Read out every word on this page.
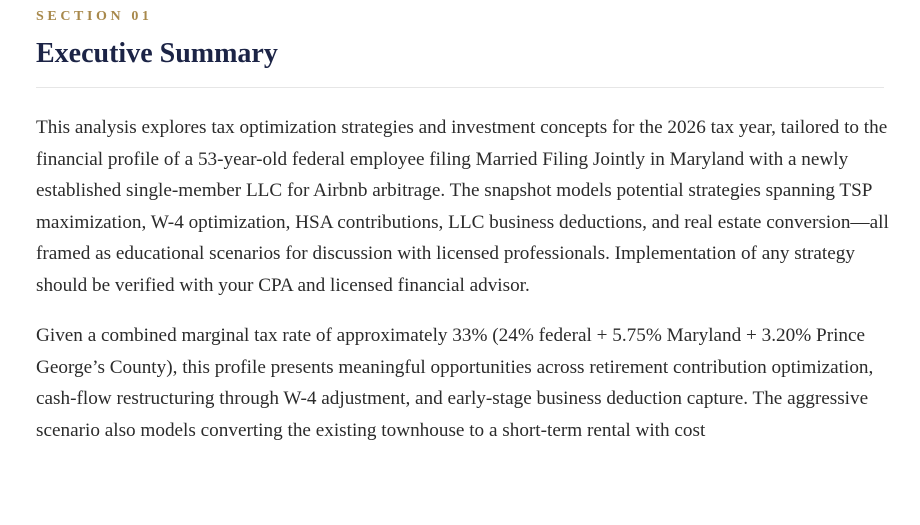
SECTION 01
Executive Summary

This analysis explores tax optimization strategies and investment concepts for the 2026 tax year, tailored to the financial profile of a 53-year-old federal employee filing Married Filing Jointly in Maryland with a newly established single-member LLC for Airbnb arbitrage. The snapshot models potential strategies spanning TSP maximization, W-4 optimization, HSA contributions, LLC business deductions, and real estate conversion—all framed as educational scenarios for discussion with licensed professionals. Implementation of any strategy should be verified with your CPA and licensed financial advisor.

Given a combined marginal tax rate of approximately 33% (24% federal + 5.75% Maryland + 3.20% Prince George’s County), this profile presents meaningful opportunities across retirement contribution optimization, cash-flow restructuring through W-4 adjustment, and early-stage business deduction capture. The aggressive scenario also models converting the existing townhouse to a short-term rental with cost
